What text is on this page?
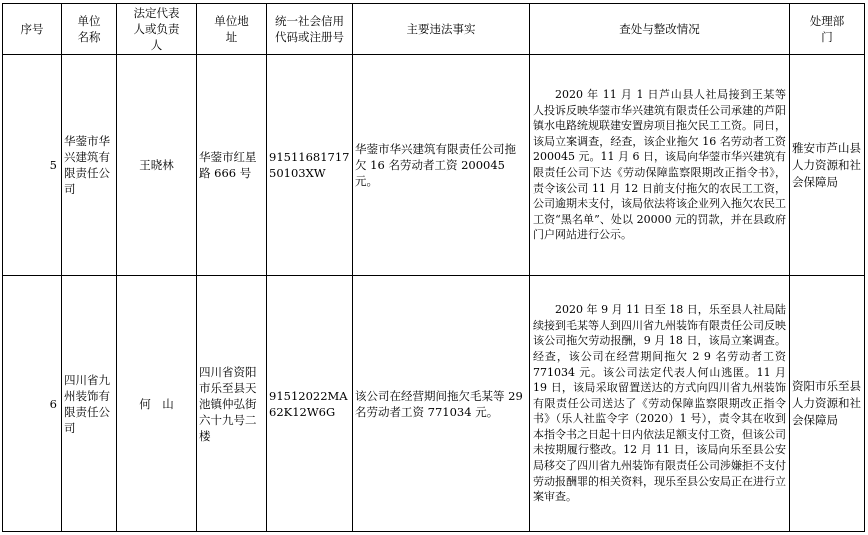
序号	单位名称	法定代表人或负责人	单位地址	统一社会信用代码或注册号	主要违法事实	查处与整改情况	处理部门
5	华蓥市华兴建筑有限责任公司	王晓林	华蓥市红星路 666 号	9151168171750103XW	华蓥市华兴建筑有限责任公司拖欠 16 名劳动者工资 200045 元。	2020 年 11 月 1 日芦山县人社局接到王某等人投诉反映华蓥市华兴建筑有限责任公司承建的芦阳镇水电路统规联建安置房项目拖欠民工工资。同日，该局立案调查，经查，该企业拖欠 16 名劳动者工资 200045 元。11 月 6 日，该局向华蓥市华兴建筑有限责任公司下达《劳动保障监察限期改正指令书》，责令该公司 11 月 12 日前支付拖欠的农民工工资，公司逾期未支付，该局依法将该企业列入拖欠农民工工资“黑名单”、处以 20000 元的罚款，并在县政府门户网站进行公示。	雅安市芦山县人力资源和社会保障局
6	四川省九州装饰有限责任公司	何　山	四川省资阳市乐至县天池镇仲弘街六十九号二楼	91512022MA62K12W6G	该公司在经营期间拖欠毛某等 29 名劳动者工资 771034 元。	2020 年 9 月 11 日至 18 日，乐至县人社局陆续接到毛某等人到四川省九州装饰有限责任公司反映该公司拖欠劳动报酬，9 月 18 日，该局立案调查。经查，该公司在经营期间拖欠 2 9 名劳动者工资 771034 元。该公司法定代表人何山逃匿。11 月 19 日，该局采取留置送达的方式向四川省九州装饰有限责任公司送达了《劳动保障监察限期改正指令书》（乐人社监令字（2020）1 号），责令其在收到本指令书之日起十日内依法足额支付工资，但该公司未按期履行整改。12 月 11 日，该局向乐至县公安局移交了四川省九州装饰有限责任公司涉嫌拒不支付劳动报酬罪的相关资料，现乐至县公安局正在进行立案审查。	资阳市乐至县人力资源和社会保障局
